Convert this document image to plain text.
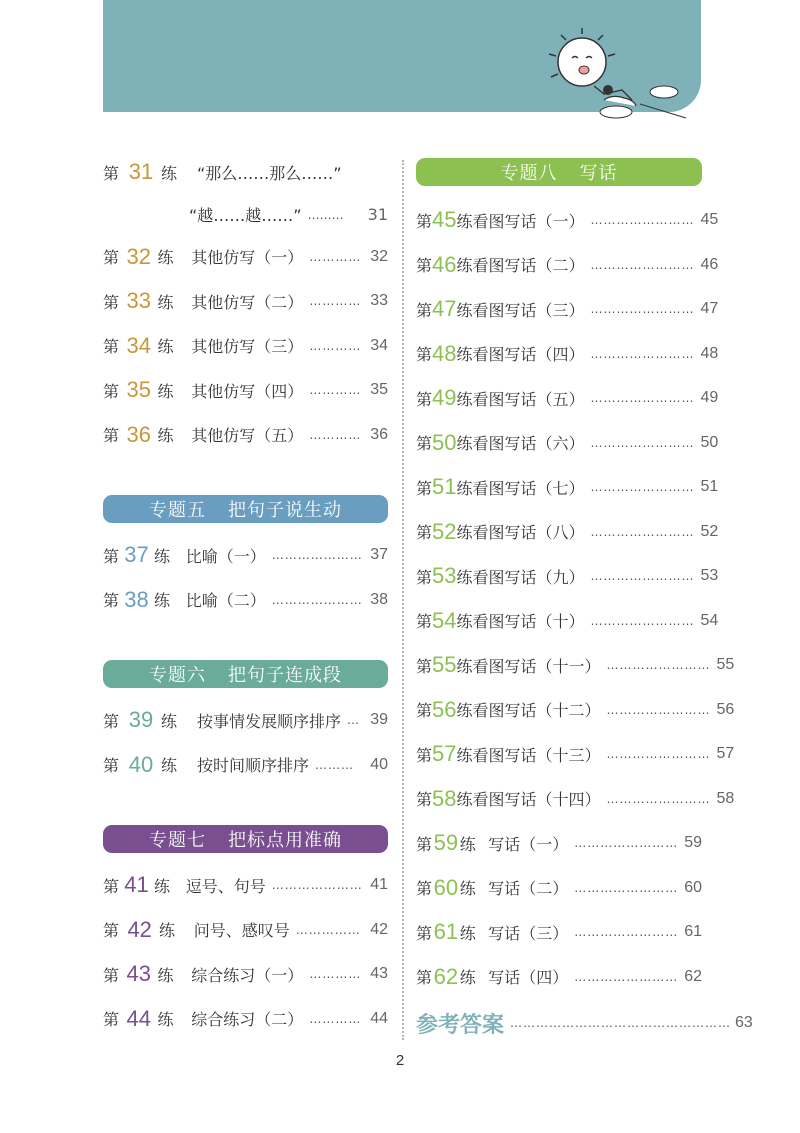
第 31 练 “那么……那么……”
“越……越……” ……… 31
第 32 练 其他仿写（一） ………… 32
第 33 练 其他仿写（二） ………… 33
第 34 练 其他仿写（三） ………… 34
第 35 练 其他仿写（四） ………… 35
第 36 练 其他仿写（五） ………… 36
专题五 把句子说生动
第 37 练 比喻（一） ………………… 37
第 38 练 比喻（二） ………………… 38
专题六 把句子连成段
第 39 练 按事情发展顺序排序 … 39
第 40 练 按时间顺序排序 ……… 40
专题七 把标点用准确
第 41 练 逗号、句号 ………………… 41
第 42 练 问号、感叹号 …………… 42
第 43 练 综合练习（一） ………… 43
第 44 练 综合练习（二） ………… 44
专题八 写话
第 45 练 看图写话（一） …………………… 45
第 46 练 看图写话（二） …………………… 46
第 47 练 看图写话（三） …………………… 47
第 48 练 看图写话（四） …………………… 48
第 49 练 看图写话（五） …………………… 49
第 50 练 看图写话（六） …………………… 50
第 51 练 看图写话（七） …………………… 51
第 52 练 看图写话（八） …………………… 52
第 53 练 看图写话（九） …………………… 53
第 54 练 看图写话（十） …………………… 54
第 55 练 看图写话（十一） …………………… 55
第 56 练 看图写话（十二） …………………… 56
第 57 练 看图写话（十三） …………………… 57
第 58 练 看图写话（十四） …………………… 58
第 59 练 写话（一） …………………… 59
第 60 练 写话（二） …………………… 60
第 61 练 写话（三） …………………… 61
第 62 练 写话（四） …………………… 62
参考答案 …………………………………………… 63
2
